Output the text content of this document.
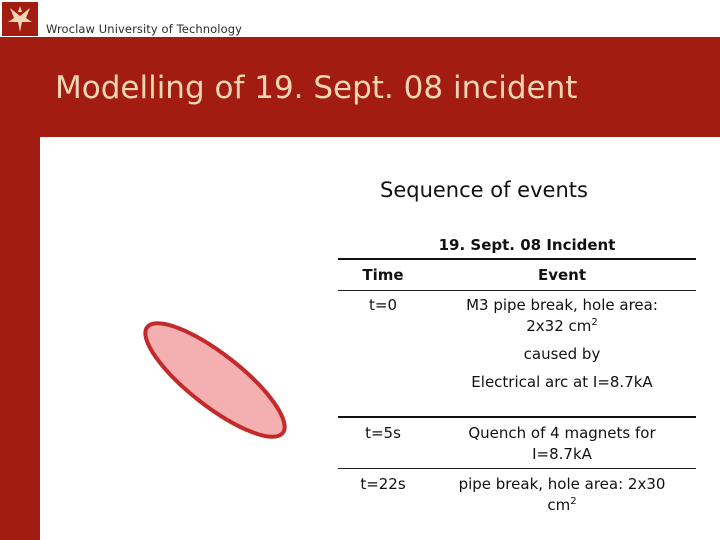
Wroclaw University of Technology
Modelling of 19. Sept. 08 incident
Sequence of events
19. Sept. 08 Incident
Time	Event
t=0	M3 pipe break, hole area:
2x32 $cm^2$
caused by
Electrical arc at I=8.7kA
t=5s	Quench of 4 magnets for
I=8.7kA
t=22s	pipe break, hole area: 2x30
$cm^2$
